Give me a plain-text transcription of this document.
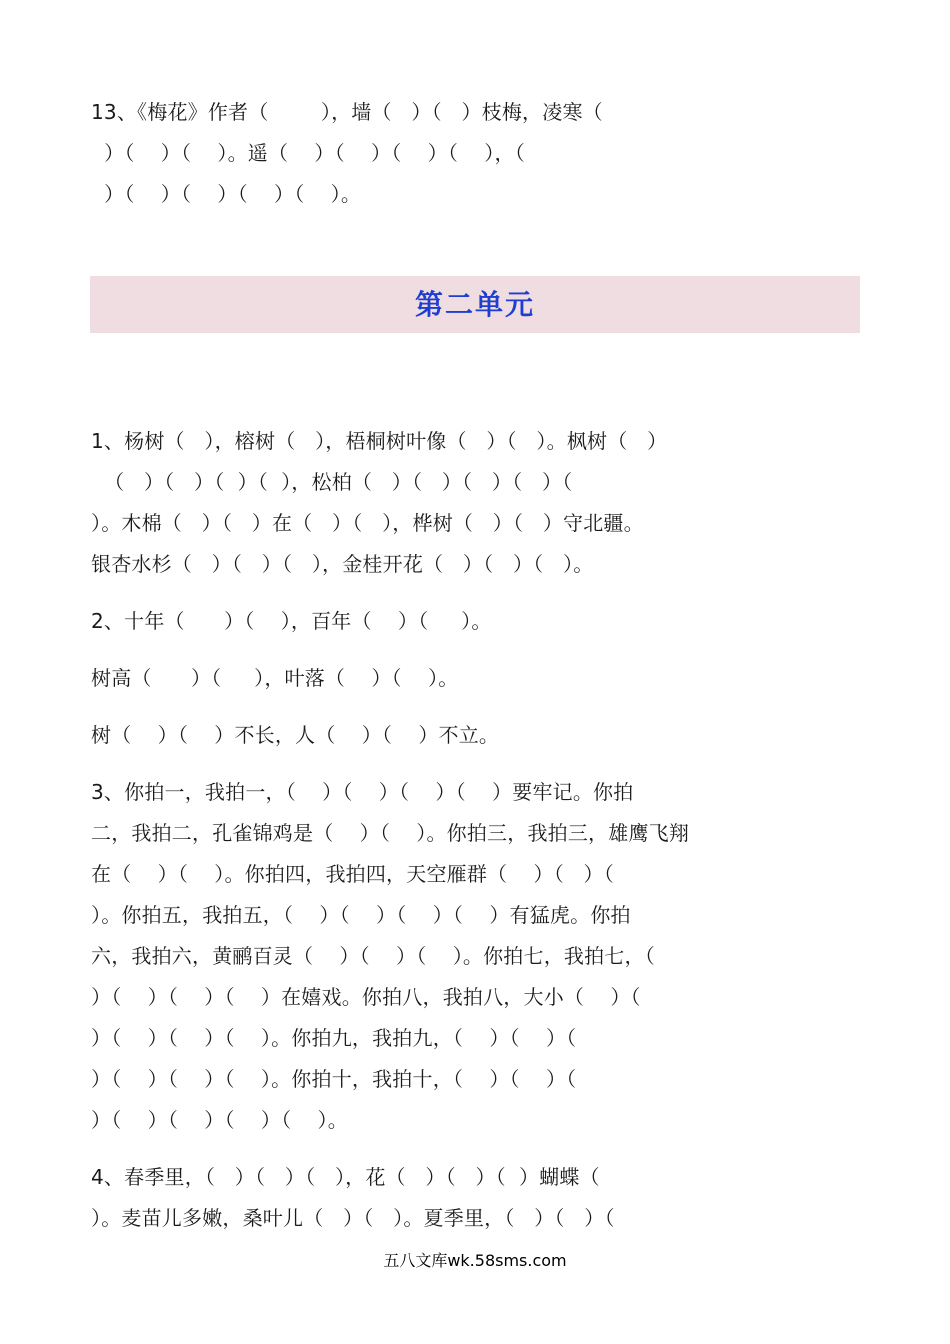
13、《梅花》作者（        ），墙（   ）（   ）枝梅，凌寒（

）（    ）（    ）。遥（    ）（    ）（    ）（    ），（

）（    ）（    ）（    ）（    ）。

第二单元

1、杨树（   ），榕树（   ），梧桐树叶像（   ）（   ）。枫树（   ）

（   ）（   ）（  ）（  ），松柏（   ）（   ）（   ）（   ）（

）。木棉（   ）（   ）在（   ）（   ），桦树（   ）（   ）守北疆。

银杏水杉（   ）（   ）（   ），金桂开花（   ）（   ）（   ）。

2、十年（      ）（    ），百年（    ）（     ）。

树高（      ）（     ），叶落（    ）（    ）。

树（    ）（    ）不长，人（    ）（    ）不立。

3、你拍一，我拍一，（    ）（    ）（    ）（    ）要牢记。你拍

二，我拍二，孔雀锦鸡是（    ）（    ）。你拍三，我拍三，雄鹰飞翔

在（    ）（    ）。你拍四，我拍四，天空雁群（    ）（   ）（

）。你拍五，我拍五，（    ）（    ）（    ）（    ）有猛虎。你拍

六，我拍六，黄鹂百灵（    ）（    ）（    ）。你拍七，我拍七，（

）（    ）（    ）（    ）在嬉戏。你拍八，我拍八，大小（    ）（

）（    ）（    ）（    ）。你拍九，我拍九，（    ）（    ）（

）（    ）（    ）（    ）。你拍十，我拍十，（    ）（    ）（

）（    ）（    ）（    ）（    ）。

4、春季里，（   ）（   ）（   ），花（   ）（   ）（  ）蝴蝶（

）。麦苗儿多嫩，桑叶儿（   ）（   ）。夏季里，（   ）（   ）（

五八文库wk.58sms.com
